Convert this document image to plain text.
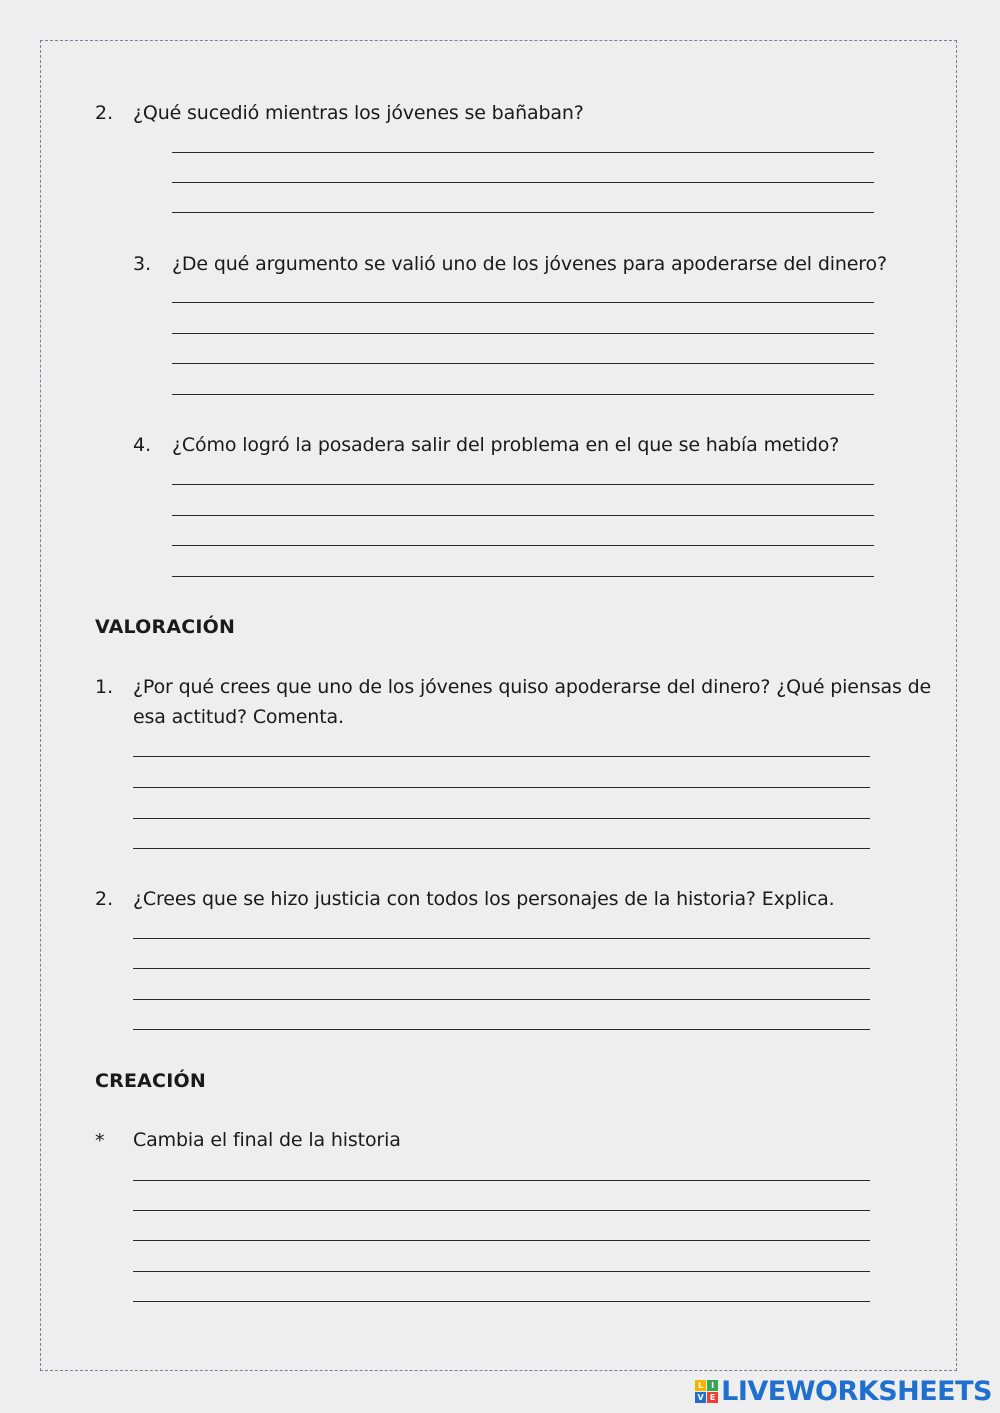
2. ¿Qué sucedió mientras los jóvenes se bañaban?
3. ¿De qué argumento se valió uno de los jóvenes para apoderarse del dinero?
4. ¿Cómo logró la posadera salir del problema en el que se había metido?
VALORACIÓN
1. ¿Por qué crees que uno de los jóvenes quiso apoderarse del dinero? ¿Qué piensas de
esa actitud? Comenta.
2. ¿Crees que se hizo justicia con todos los personajes de la historia? Explica.
CREACIÓN
* Cambia el final de la historia
L I
V E LIVEWORKSHEETS
